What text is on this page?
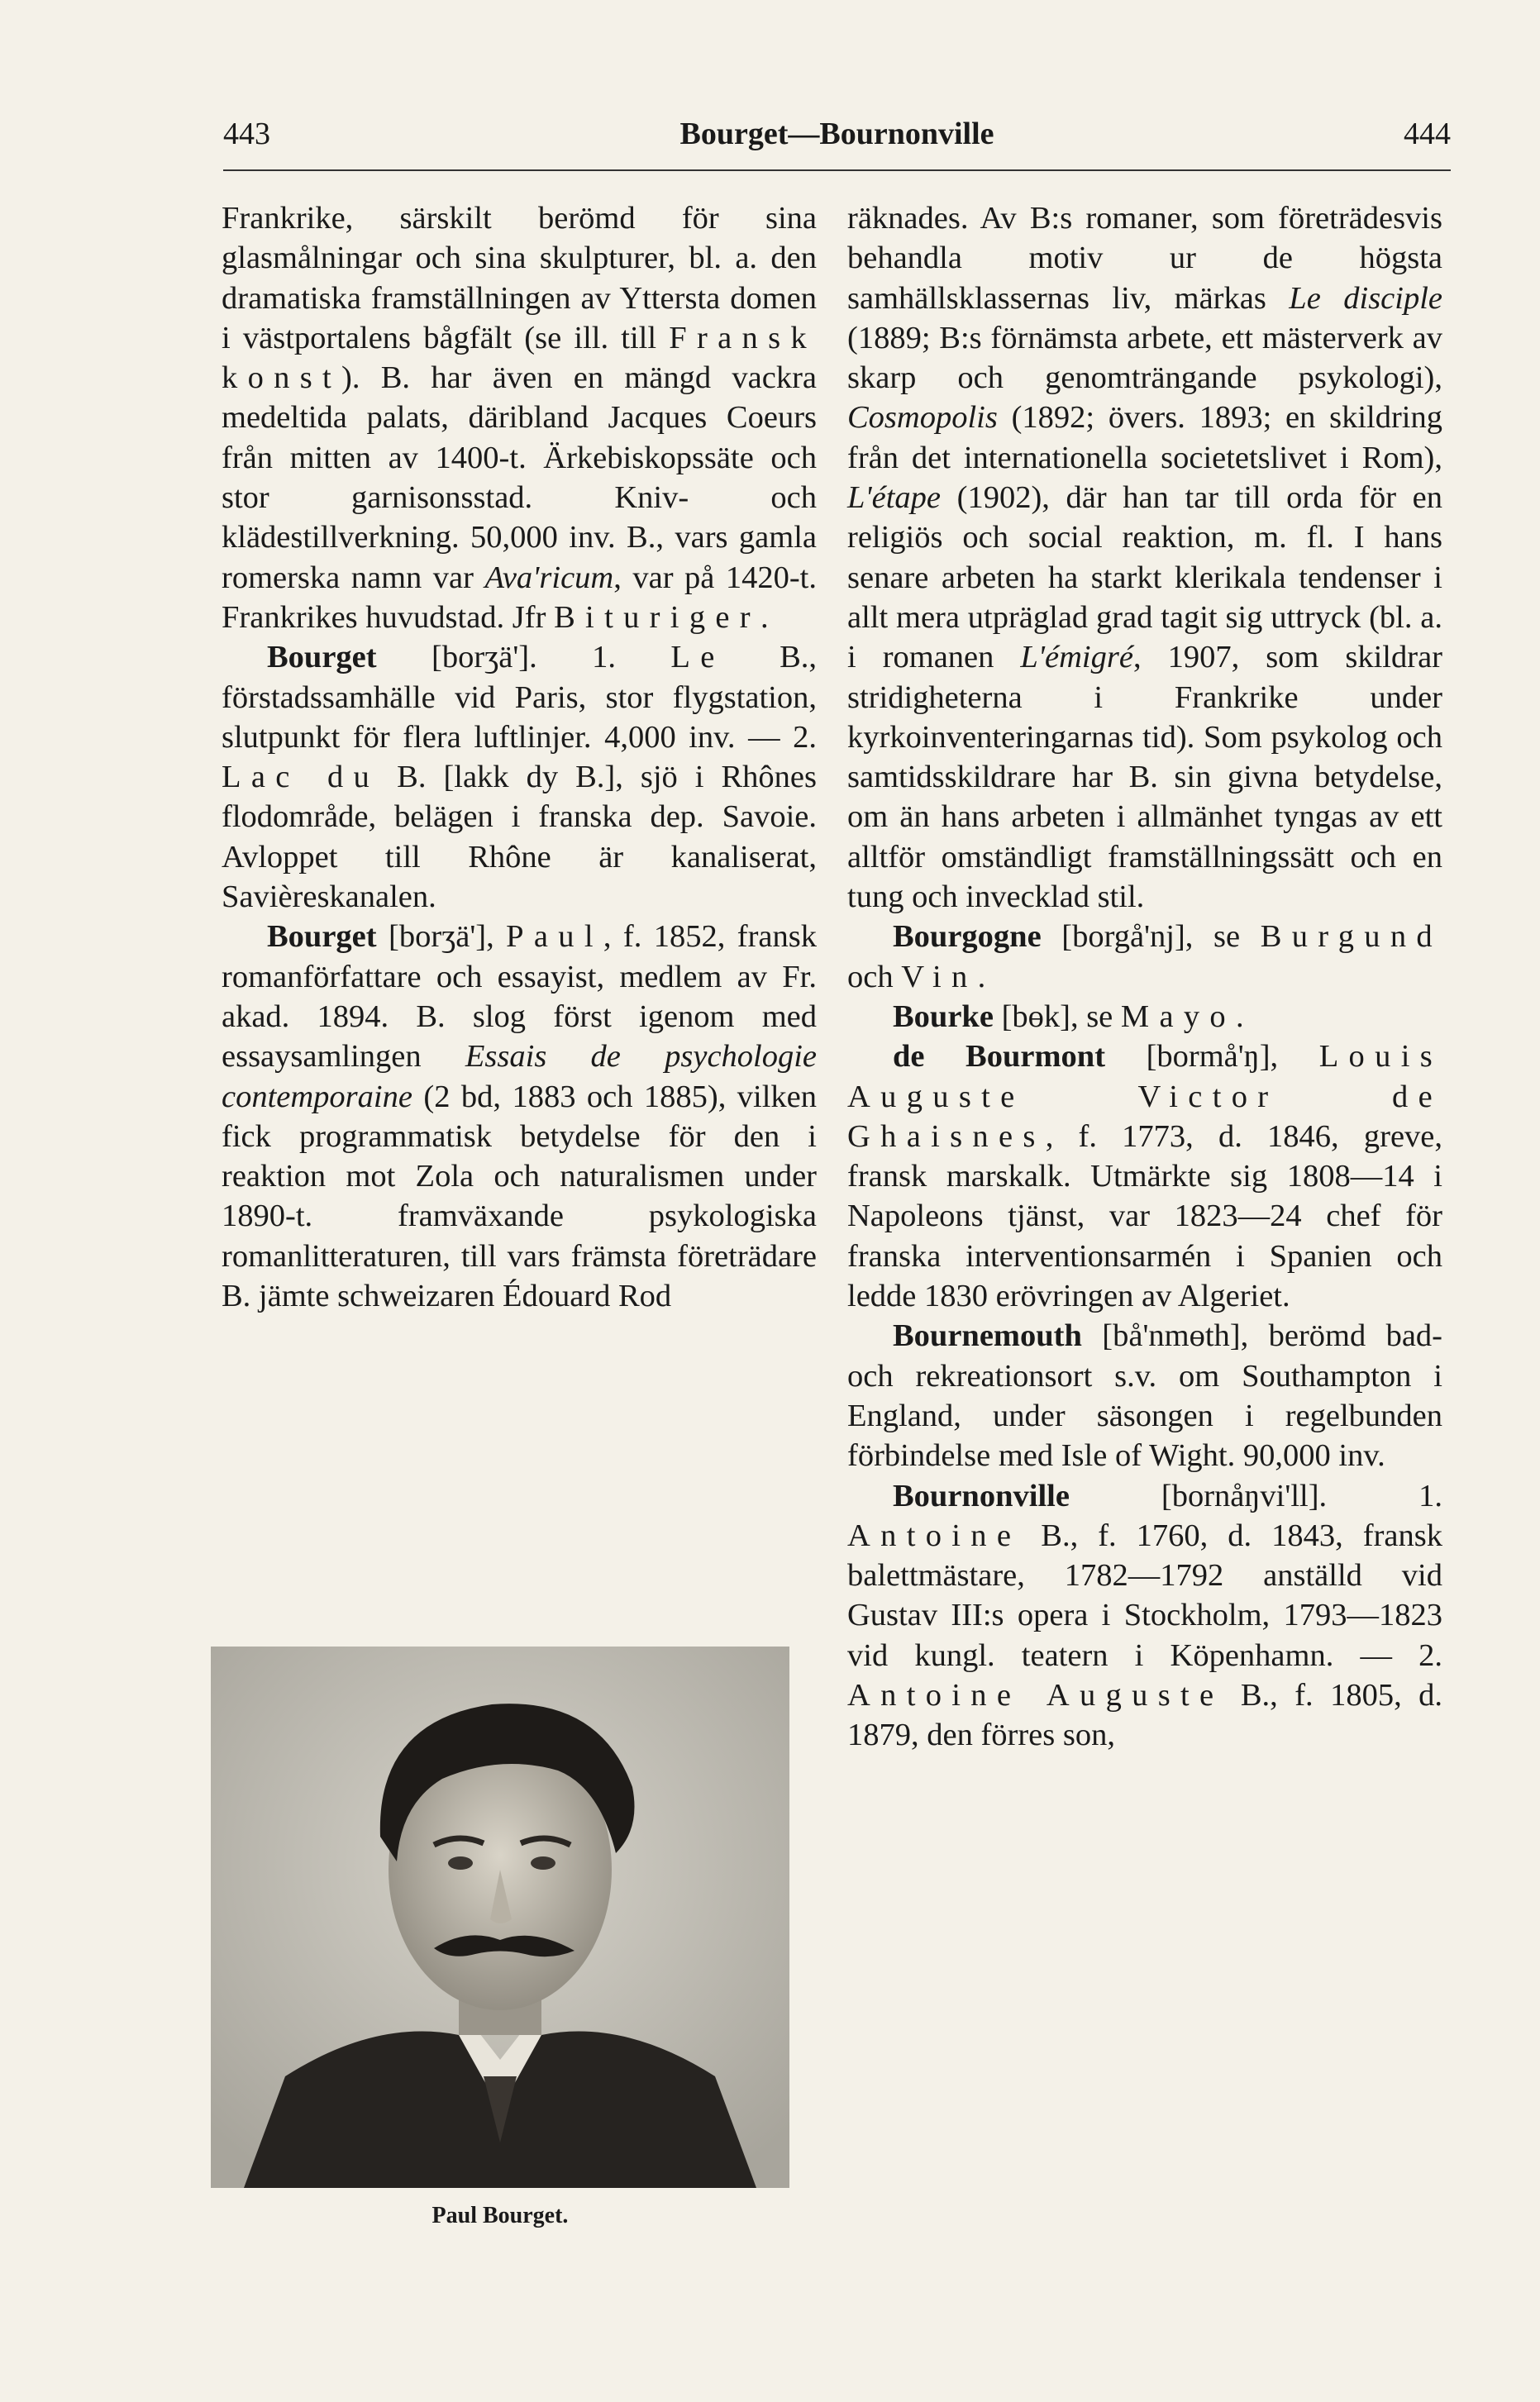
443	Bourget—Bournonville	444

Frankrike, särskilt berömd för sina glasmålningar och sina skulpturer, bl. a. den dramatiska framställningen av Yttersta domen i västportalens bågfält (se ill. till Fransk konst). B. har även en mängd vackra medeltida palats, däribland Jacques Coeurs från mitten av 1400-t. Ärkebiskopssäte och stor garnisonsstad. Kniv- och klädestillverkning. 50,000 inv. B., vars gamla romerska namn var Ava'ricum, var på 1420-t. Frankrikes huvudstad. Jfr Bituriger.

Bourget [borʒä']. 1. Le B., förstadssamhälle vid Paris, stor flygstation, slutpunkt för flera luftlinjer. 4,000 inv. — 2. Lac du B. [lakk dy B.], sjö i Rhônes flodområde, belägen i franska dep. Savoie. Avloppet till Rhône är kanaliserat, Savièreskanalen.

Bourget [borʒä'], Paul, f. 1852, fransk romanförfattare och essayist, medlem av Fr. akad. 1894. B. slog först igenom med essaysamlingen Essais de psychologie contemporaine (2 bd, 1883 och 1885), vilken fick programmatisk betydelse för den i reaktion mot Zola och naturalismen under 1890-t. framväxande psykologiska romanlitteraturen, till vars främsta företrädare B. jämte schweizaren Édouard Rod

Paul Bourget.

räknades. Av B:s romaner, som företrädesvis behandla motiv ur de högsta samhällsklassernas liv, märkas Le disciple (1889; B:s förnämsta arbete, ett mästerverk av skarp och genomträngande psykologi), Cosmopolis (1892; övers. 1893; en skildring från det internationella societetslivet i Rom), L'étape (1902), där han tar till orda för en religiös och social reaktion, m. fl. I hans senare arbeten ha starkt klerikala tendenser i allt mera utpräglad grad tagit sig uttryck (bl. a. i romanen L'émigré, 1907, som skildrar stridigheterna i Frankrike under kyrkoinventeringarnas tid). Som psykolog och samtidsskildrare har B. sin givna betydelse, om än hans arbeten i allmänhet tyngas av ett alltför omständligt framställningssätt och en tung och invecklad stil.

Bourgogne [borgå'nj], se Burgund och Vin.

Bourke [bɵk], se Mayo.

de Bourmont [bormå'ŋ], Louis Auguste Victor de Ghaisnes, f. 1773, d. 1846, greve, fransk marskalk. Utmärkte sig 1808—14 i Napoleons tjänst, var 1823—24 chef för franska interventionsarmén i Spanien och ledde 1830 erövringen av Algeriet.

Bournemouth [bå'nmɵth], berömd bad- och rekreationsort s.v. om Southampton i England, under säsongen i regelbunden förbindelse med Isle of Wight. 90,000 inv.

Bournonville [bornåŋvi'll]. 1. Antoine B., f. 1760, d. 1843, fransk balettmästare, 1782—1792 anställd vid Gustav III:s opera i Stockholm, 1793—1823 vid kungl. teatern i Köpenhamn. — 2. Antoine Auguste B., f. 1805, d. 1879, den förres son,
